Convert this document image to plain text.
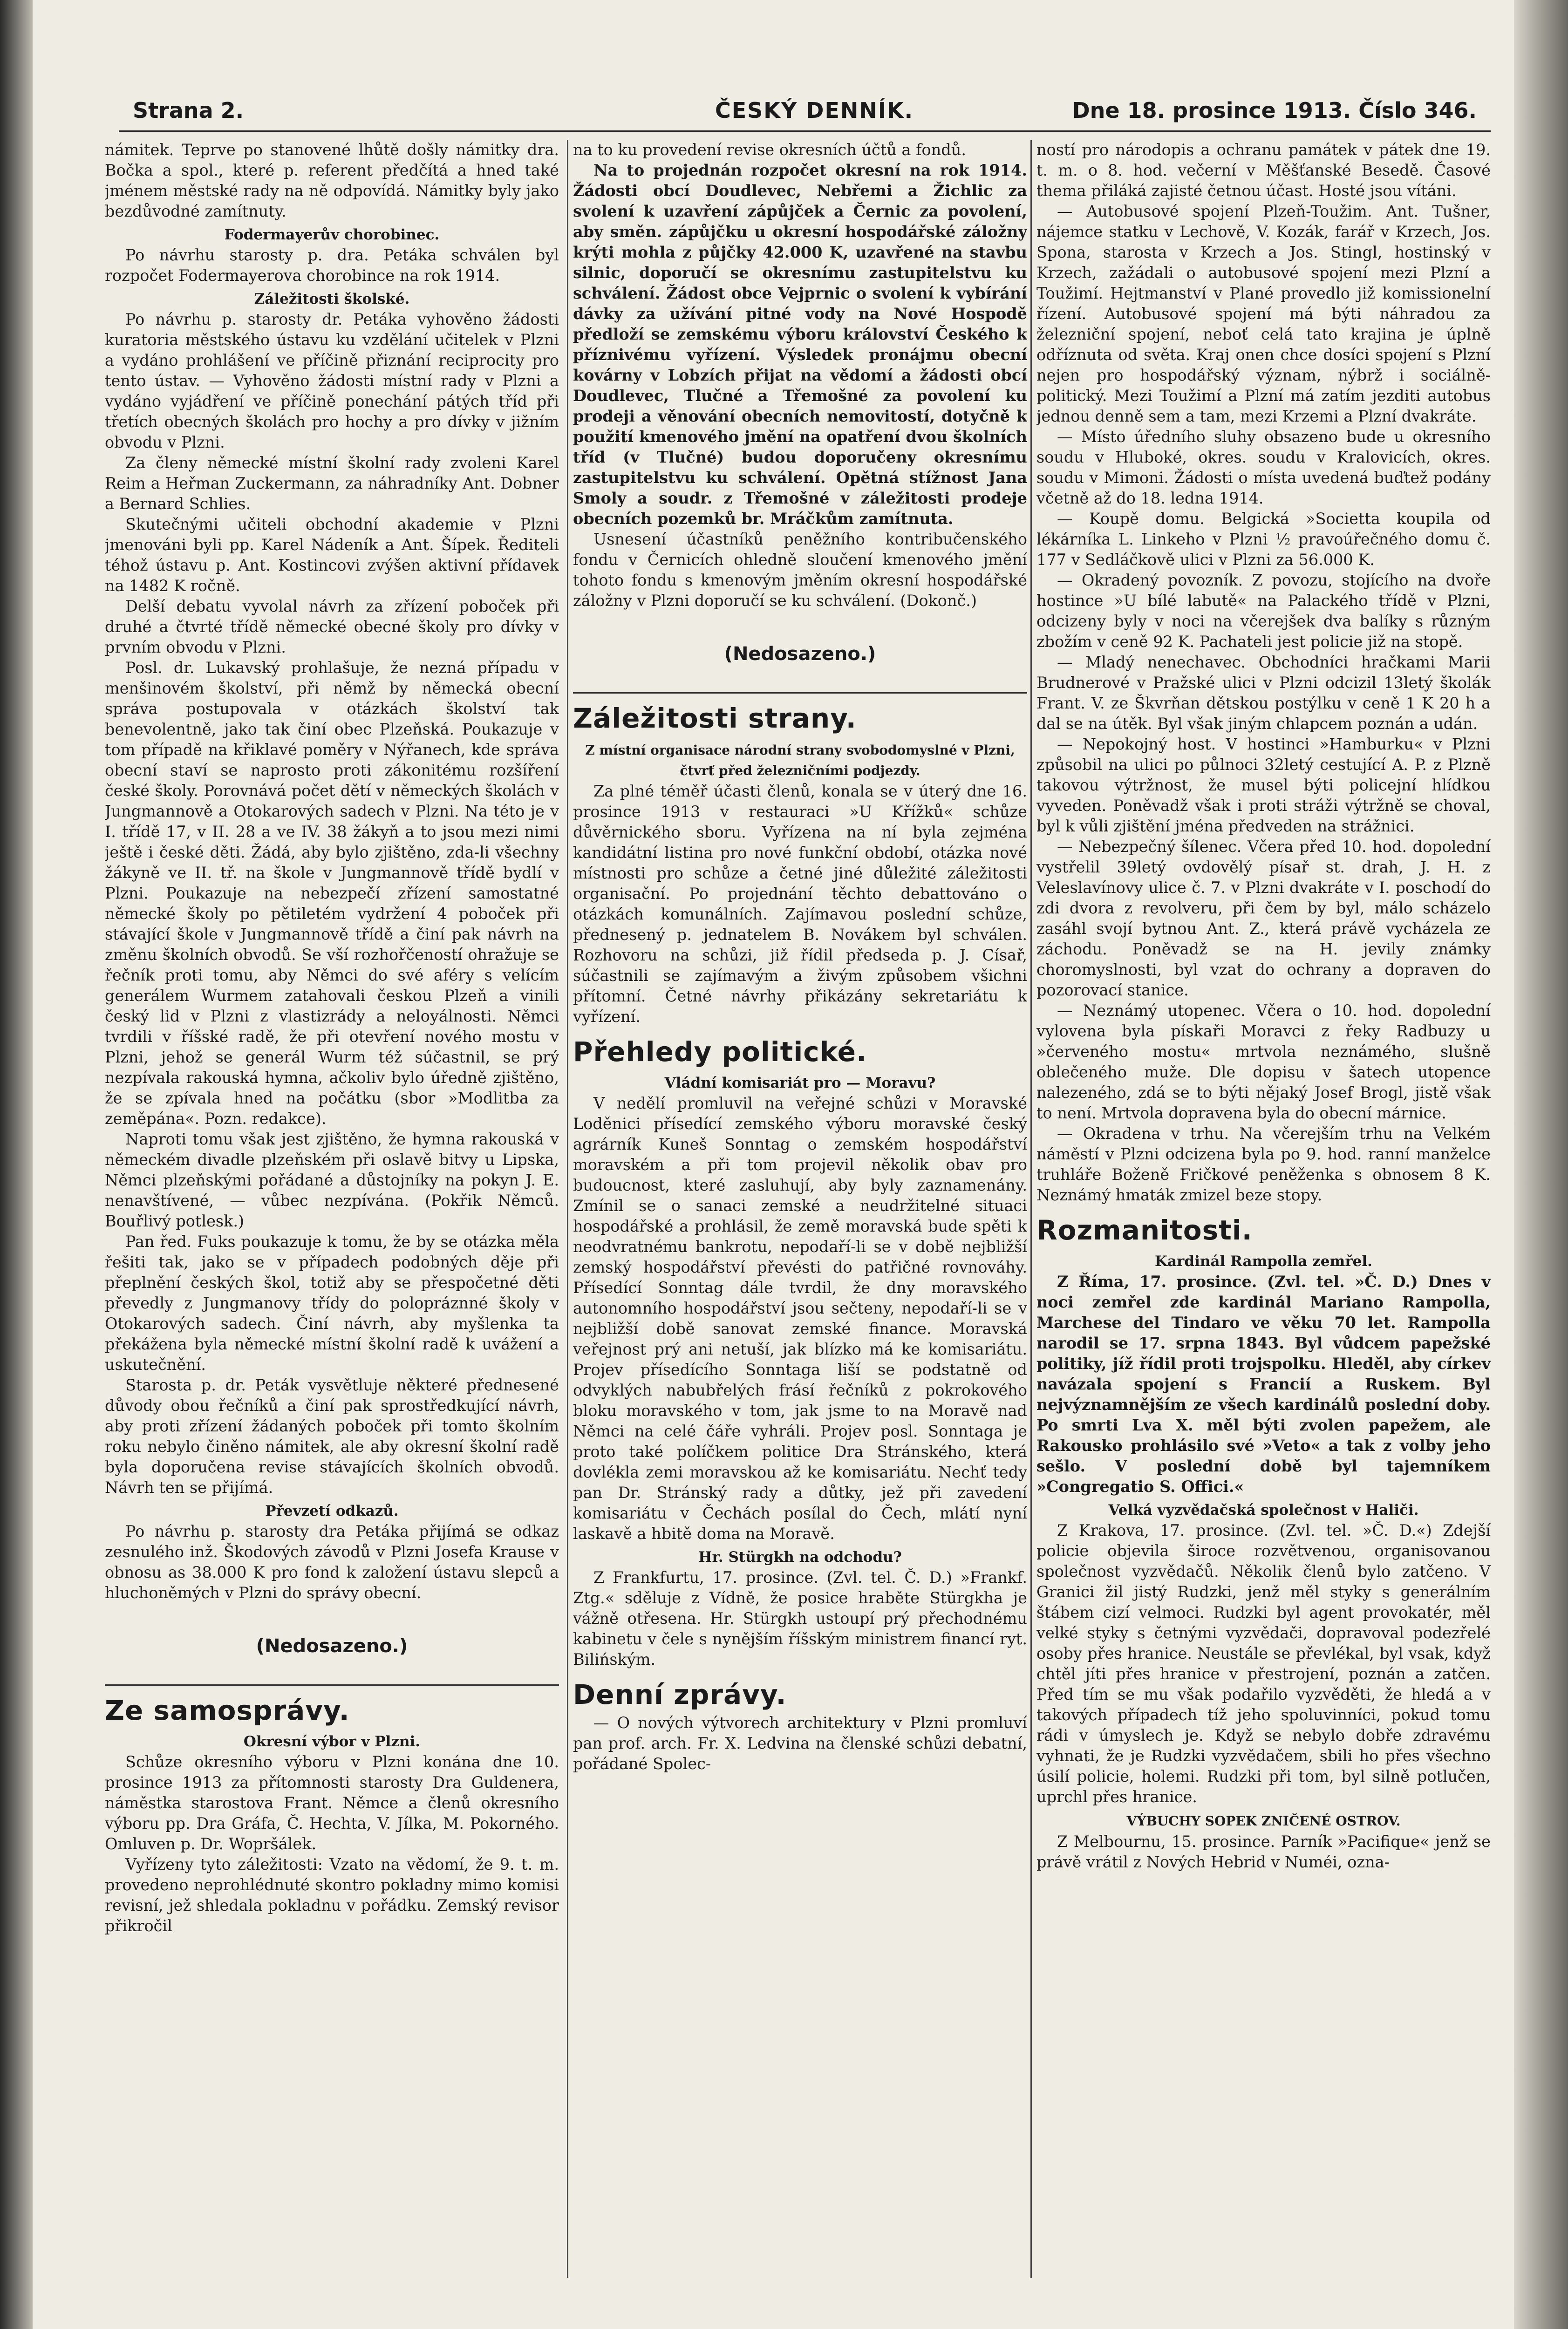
Strana 2.	ČESKÝ DENNÍK.	Dne 18. prosince 1913. Číslo 346.

námitek. Teprve po stanovené lhůtě došly námitky dra. Bočka a spol., které p. referent předčítá a hned také jménem městské rady na ně odpovídá. Námitky byly jako bezdůvodné zamítnuty.

Fodermayerův chorobinec.

Po návrhu starosty p. dra. Petáka schválen byl rozpočet Fodermayerova chorobince na rok 1914.

Záležitosti školské.

Po návrhu p. starosty dr. Petáka vyhověno žádosti kuratoria městského ústavu ku vzdělání učitelek v Plzni a vydáno prohlášení ve příčině přiznání reciprocity pro tento ústav. — Vyhověno žádosti místní rady v Plzni a vydáno vyjádření ve příčině ponechání pátých tříd při třetích obecných školách pro hochy a pro dívky v jižním obvodu v Plzni.

Za členy německé místní školní rady zvoleni Karel Reim a Heřman Zuckermann, za náhradníky Ant. Dobner a Bernard Schlies.

Skutečnými učiteli obchodní akademie v Plzni jmenováni byli pp. Karel Nádeník a Ant. Šípek. Řediteli téhož ústavu p. Ant. Kostincovi zvýšen aktivní přídavek na 1482 K ročně.

Delší debatu vyvolal návrh za zřízení poboček při druhé a čtvrté třídě německé obecné školy pro dívky v prvním obvodu v Plzni.

Posl. dr. Lukavský prohlašuje, že nezná případu v menšinovém školství, při němž by německá obecní správa postupovala v otázkách školství tak benevolentně, jako tak činí obec Plzeňská. Poukazuje v tom případě na křiklavé poměry v Nýřanech, kde správa obecní staví se naprosto proti zákonitému rozšíření české školy. Porovnává počet dětí v německých školách v Jungmannově a Otokarových sadech v Plzni. Na této je v I. třídě 17, v II. 28 a ve IV. 38 žákyň a to jsou mezi nimi ještě i české děti. Žádá, aby bylo zjištěno, zda-li všechny žákyně ve II. tř. na škole v Jungmannově třídě bydlí v Plzni. Poukazuje na nebezpečí zřízení samostatné německé školy po pětiletém vydržení 4 poboček při stávající škole v Jungmannově třídě a činí pak návrh na změnu školních obvodů. Se vší rozhořčeností ohražuje se řečník proti tomu, aby Němci do své aféry s velícím generálem Wurmem zatahovali českou Plzeň a vinili český lid v Plzni z vlastizrády a neloyálnosti. Němci tvrdili v říšské radě, že při otevření nového mostu v Plzni, jehož se generál Wurm též súčastnil, se prý nezpívala rakouská hymna, ačkoliv bylo úředně zjištěno, že se zpívala hned na počátku (sbor »Modlitba za zeměpána«. Pozn. redakce).

Naproti tomu však jest zjištěno, že hymna rakouská v německém divadle plzeňském při oslavě bitvy u Lipska, Němci plzeňskými pořádané a důstojníky na pokyn J. E. nenavštívené, — vůbec nezpívána. (Pokřik Němců. Bouřlivý potlesk.)

Pan řed. Fuks poukazuje k tomu, že by se otázka měla řešiti tak, jako se v případech podobných děje při přeplnění českých škol, totiž aby se přespočetné děti převedly z Jungmanovy třídy do polopráznné školy v Otokarových sadech. Činí návrh, aby myšlenka ta překážena byla německé místní školní radě k uvážení a uskutečnění.

Starosta p. dr. Peták vysvětluje některé přednesené důvody obou řečníků a činí pak sprostředkující návrh, aby proti zřízení žádaných poboček při tomto školním roku nebylo činěno námitek, ale aby okresní školní radě byla doporučena revise stávajících školních obvodů. Návrh ten se přijímá.

Převzetí odkazů.

Po návrhu p. starosty dra Petáka přijímá se odkaz zesnulého inž. Škodových závodů v Plzni Josefa Krause v obnosu as 38.000 K pro fond k založení ústavu slepců a hluchoněmých v Plzni do správy obecní.

(Nedosazeno.)
Ze samosprávy.
Okresní výbor v Plzni.

Schůze okresního výboru v Plzni konána dne 10. prosince 1913 za přítomnosti starosty Dra Guldenera, náměstka starostova Frant. Němce a členů okresního výboru pp. Dra Gráfa, Č. Hechta, V. Jílka, M. Pokorného. Omluven p. Dr. Wopršálek.

Vyřízeny tyto záležitosti: Vzato na vědomí, že 9. t. m. provedeno neprohlédnuté skontro pokladny mimo komisi revisní, jež shledala pokladnu v pořádku. Zemský revisor přikročil

na to ku provedení revise okresních účtů a fondů.

Na to projednán rozpočet okresní na rok 1914. Žádosti obcí Doudlevec, Nebřemi a Žichlic za svolení k uzavření zápůjček a Černic za povolení, aby směn. zápůjčku u okresní hospodářské záložny krýti mohla z půjčky 42.000 K, uzavřené na stavbu silnic, doporučí se okresnímu zastupitelstvu ku schválení. Žádost obce Vejprnic o svolení k vybírání dávky za užívání pitné vody na Nové Hospodě předloží se zemskému výboru království Českého k příznivému vyřízení. Výsledek pronájmu obecní kovárny v Lobzích přijat na vědomí a žádosti obcí Doudlevec, Tlučné a Třemošné za povolení ku prodeji a věnování obecních nemovitostí, dotyčně k použití kmenového jmění na opatření dvou školních tříd (v Tlučné) budou doporučeny okresnímu zastupitelstvu ku schválení. Opětná stížnost Jana Smoly a soudr. z Třemošné v záležitosti prodeje obecních pozemků br. Mráčkům zamítnuta.

Usnesení účastníků peněžního kontribučenského fondu v Černicích ohledně sloučení kmenového jmění tohoto fondu s kmenovým jměním okresní hospodářské záložny v Plzni doporučí se ku schválení. (Dokonč.)

(Nedosazeno.)
Záležitosti strany.
Z místní organisace národní strany svobodomyslné v Plzni, čtvrť před železničními podjezdy.

Za plné téměř účasti členů, konala se v úterý dne 16. prosince 1913 v restauraci »U Křížků« schůze důvěrnického sboru. Vyřízena na ní byla zejména kandidátní listina pro nové funkční období, otázka nové místnosti pro schůze a četné jiné důležité záležitosti organisační. Po projednání těchto debattováno o otázkách komunálních. Zajímavou poslední schůze, přednesený p. jednatelem B. Novákem byl schválen. Rozhovoru na schůzi, již řídil předseda p. J. Císař, súčastnili se zajímavým a živým způsobem všichni přítomní. Četné návrhy přikázány sekretariátu k vyřízení.

Přehledy politické.
Vládní komisariát pro — Moravu?

V nedělí promluvil na veřejné schůzi v Moravské Loděnici přísedící zemského výboru moravské český agrárník Kuneš Sonntag o zemském hospodářství moravském a při tom projevil několik obav pro budoucnost, které zasluhují, aby byly zaznamenány. Zmínil se o sanaci zemské a neudržitelné situaci hospodářské a prohlásil, že země moravská bude spěti k neodvratnému bankrotu, nepodaří-li se v době nejbližší zemský hospodářství převésti do patřičné rovnováhy. Přísedící Sonntag dále tvrdil, že dny moravského autonomního hospodářství jsou sečteny, nepodaří-li se v nejbližší době sanovat zemské finance. Moravská veřejnost prý ani netuší, jak blízko má ke komisariátu. Projev přísedícího Sonntaga liší se podstatně od odvyklých nabubřelých frásí řečníků z pokrokového bloku moravského v tom, jak jsme to na Moravě nad Němci na celé čáře vyhráli. Projev posl. Sonntaga je proto také políčkem politice Dra Stránského, která dovlékla zemi moravskou až ke komisariátu. Nechť tedy pan Dr. Stránský rady a důtky, jež při zavedení komisariátu v Čechách posílal do Čech, mlátí nyní laskavě a hbitě doma na Moravě.

Hr. Stürgkh na odchodu?

Z Frankfurtu, 17. prosince. (Zvl. tel. Č. D.) »Frankf. Ztg.« sděluje z Vídně, že posice hraběte Stürgkha je vážně otřesena. Hr. Stürgkh ustoupí prý přechodnému kabinetu v čele s nynějším říšským ministrem financí ryt. Bilińským.

Denní zprávy.

— O nových výtvorech architektury v Plzni promluví pan prof. arch. Fr. X. Ledvina na členské schůzi debatní, pořádané Spolec-

ností pro národopis a ochranu památek v pátek dne 19. t. m. o 8. hod. večerní v Měšťanské Besedě. Časové thema přiláká zajisté četnou účast. Hosté jsou vítáni.

— Autobusové spojení Plzeň-Toužim. Ant. Tušner, nájemce statku v Lechově, V. Kozák, farář v Krzech, Jos. Spona, starosta v Krzech a Jos. Stingl, hostinský v Krzech, zažádali o autobusové spojení mezi Plzní a Toužimí. Hejtmanství v Plané provedlo již komissionelní řízení. Autobusové spojení má býti náhradou za železniční spojení, neboť celá tato krajina je úplně odříznuta od světa. Kraj onen chce dosíci spojení s Plzní nejen pro hospodářský význam, nýbrž i sociálně-politický. Mezi Toužimí a Plzní má zatím jezditi autobus jednou denně sem a tam, mezi Krzemi a Plzní dvakráte.

— Místo úředního sluhy obsazeno bude u okresního soudu v Hluboké, okres. soudu v Kralovicích, okres. soudu v Mimoni. Žádosti o místa uvedená buďtež podány včetně až do 18. ledna 1914.

— Koupě domu. Belgická »Societta koupila od lékárníka L. Linkeho v Plzni ½ pravoúřečného domu č. 177 v Sedláčkově ulici v Plzni za 56.000 K.

— Okradený povozník. Z povozu, stojícího na dvoře hostince »U bílé labutě« na Palackého třídě v Plzni, odcizeny byly v noci na včerejšek dva balíky s různým zbožím v ceně 92 K. Pachateli jest policie již na stopě.

— Mladý nenechavec. Obchodníci hračkami Marii Brudnerové v Pražské ulici v Plzni odcizil 13letý školák Frant. V. ze Škvrňan dětskou postýlku v ceně 1 K 20 h a dal se na útěk. Byl však jiným chlapcem poznán a udán.

— Nepokojný host. V hostinci »Hamburku« v Plzni způsobil na ulici po půlnoci 32letý cestující A. P. z Plzně takovou výtržnost, že musel býti policejní hlídkou vyveden. Poněvadž však i proti stráži výtržně se choval, byl k vůli zjištění jména předveden na strážnici.

— Nebezpečný šílenec. Včera před 10. hod. dopolední vystřelil 39letý ovdovělý písař st. drah, J. H. z Veleslavínovy ulice č. 7. v Plzni dvakráte v I. poschodí do zdi dvora z revolveru, při čem by byl, málo scházelo zasáhl svojí bytnou Ant. Z., která právě vycházela ze záchodu. Poněvadž se na H. jevily známky choromyslnosti, byl vzat do ochrany a dopraven do pozorovací stanice.

— Neznámý utopenec. Včera o 10. hod. dopolední vylovena byla pískaři Moravci z řeky Radbuzy u »červeného mostu« mrtvola neznámého, slušně oblečeného muže. Dle dopisu v šatech utopence nalezeného, zdá se to býti nějaký Josef Brogl, jistě však to není. Mrtvola dopravena byla do obecní márnice.

— Okradena v trhu. Na včerejším trhu na Velkém náměstí v Plzni odcizena byla po 9. hod. ranní manželce truhláře Boženě Fričkové peněženka s obnosem 8 K. Neznámý hmaták zmizel beze stopy.

Rozmanitosti.
Kardinál Rampolla zemřel.

Z Říma, 17. prosince. (Zvl. tel. »Č. D.) Dnes v noci zemřel zde kardinál Mariano Rampolla, Marchese del Tindaro ve věku 70 let. Rampolla narodil se 17. srpna 1843. Byl vůdcem papežské politiky, jíž řídil proti trojspolku. Hleděl, aby církev navázala spojení s Francií a Ruskem. Byl nejvýznamnějším ze všech kardinálů poslední doby. Po smrti Lva X. měl býti zvolen papežem, ale Rakousko prohlásilo své »Veto« a tak z volby jeho sešlo. V poslední době byl tajemníkem »Congregatio S. Offici.«

Velká vyzvědačská společnost v Haliči.

Z Krakova, 17. prosince. (Zvl. tel. »Č. D.«) Zdejší policie objevila široce rozvětvenou, organisovanou společnost vyzvědačů. Několik členů bylo zatčeno. V Granici žil jistý Rudzki, jenž měl styky s generálním štábem cizí velmoci. Rudzki byl agent provokatér, měl velké styky s četnými vyzvědači, dopravoval podezřelé osoby přes hranice. Neustále se převlékal, byl vsak, když chtěl jíti přes hranice v přestrojení, poznán a zatčen. Před tím se mu však podařilo vyzvěděti, že hledá a v takových případech tíž jeho spoluvinníci, pokud tomu rádi v úmyslech je. Když se nebylo dobře zdravému vyhnati, že je Rudzki vyzvědačem, sbili ho přes všechno úsilí policie, holemi. Rudzki při tom, byl silně potlučen, uprchl přes hranice.

VÝBUCHY SOPEK ZNIČENÉ OSTROV.

Z Melbournu, 15. prosince. Parník »Pacifique« jenž se právě vrátil z Nových Hebrid v Numéi, ozna-
